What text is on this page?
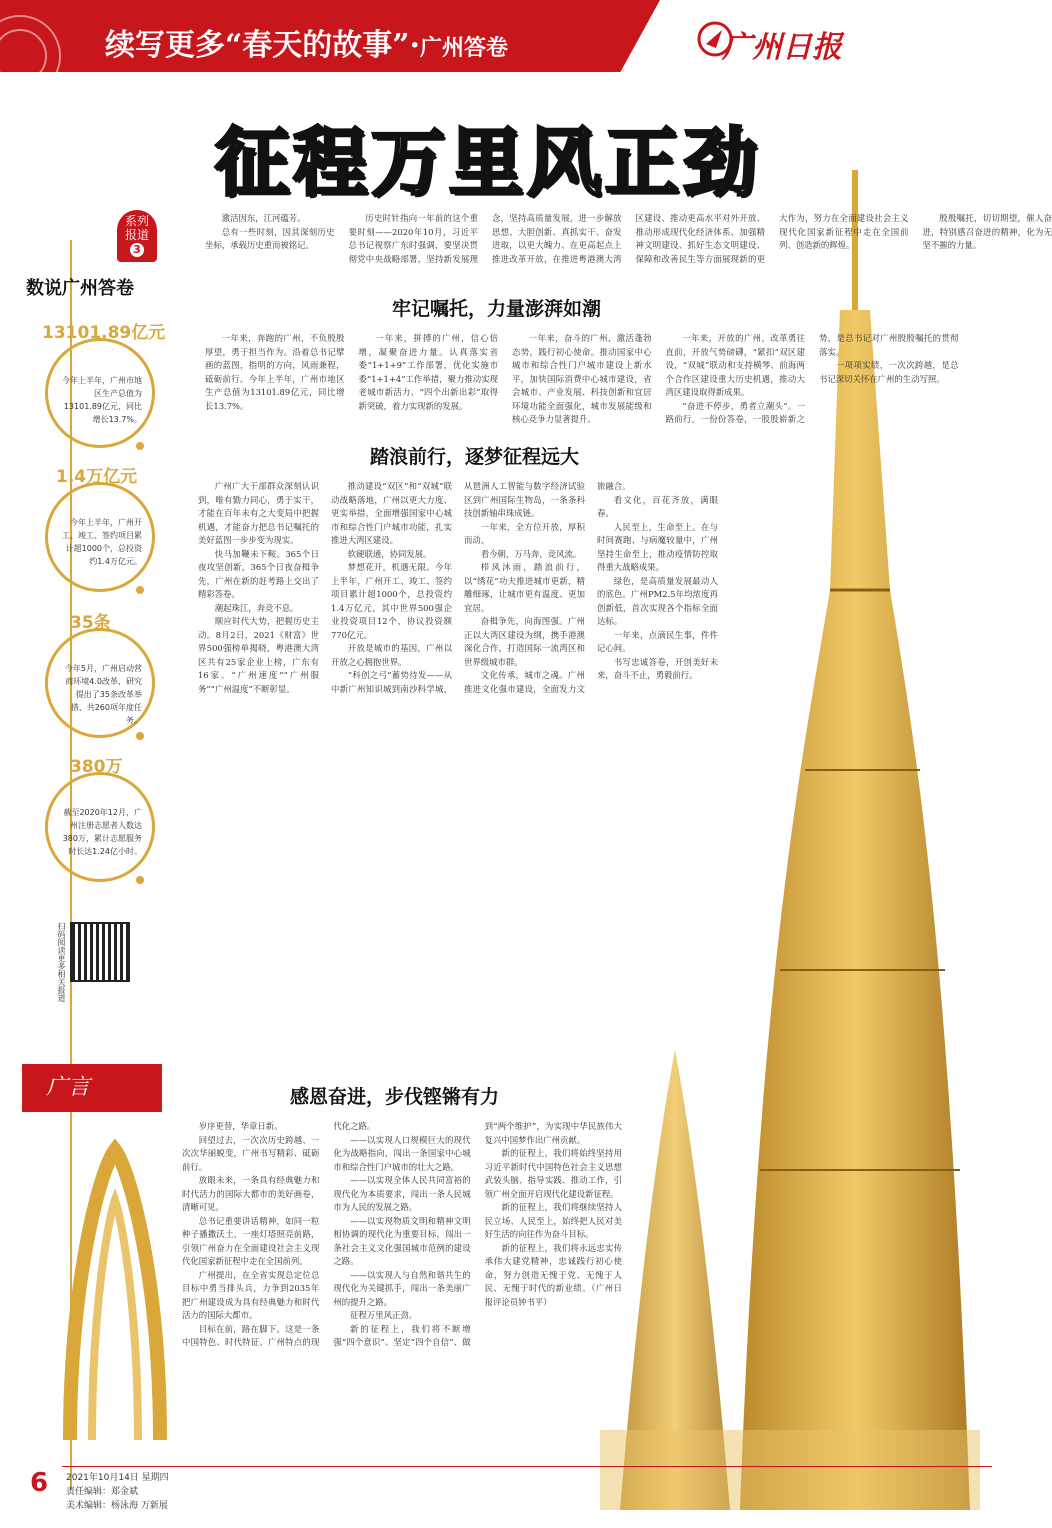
续写更多“春天的故事”·广州答卷	广州日报
征程万里风正劲
系列报道
3
数说广州答卷
13101.89亿元
今年上半年，广州市地区生产总值为13101.89亿元，同比增长13.7%。
1.4万亿元
今年上半年，广州开工、竣工、签约项目累计超1000个，总投资约1.4万亿元。
35条
今年5月，广州启动营商环境4.0改革，研究提出了35条改革举措、共260项年度任务。
380万
截至2020年12月，广州注册志愿者人数达380万，累计志愿服务时长达1.24亿小时。
扫码阅读更多相关报道
广言

激活因东，江河蕴芳。

总有一些时刻，因其深刻历史坐标，承载历史重而被铭记。

历史时针指向一年前的这个重要时刻——2020年10月，习近平总书记视察广东时强调，要坚决贯彻党中央战略部署，坚持新发展理念，坚持高质量发展，进一步解放思想、大胆创新、真抓实干、奋发进取，以更大魄力、在更高起点上推进改革开放，在推进粤港澳大湾区建设、推动更高水平对外开放、推动形成现代化经济体系、加强精神文明建设、抓好生态文明建设、保障和改善民生等方面展现新的更大作为，努力在全面建设社会主义现代化国家新征程中走在全国前列、创造新的辉煌。

殷殷嘱托，切切期望，催人奋进，特别感召奋进的精神，化为无坚不摧的力量。

牢记嘱托，力量澎湃如潮

一年来，奔跑的广州，不负殷殷厚望，勇于担当作为。沿着总书记擘画的蓝图，指明的方向，风雨兼程，砥砺前行。今年上半年，广州市地区生产总值为13101.89亿元，同比增长13.7%。

一年来，拼搏的广州，信心倍增，凝聚奋进力量。认真落实省委“1+1+9”工作部署，优化实施市委“1+1+4”工作举措，聚力推动实现老城市新活力、“四个出新出彩”取得新突破，着力实现新的发展。

一年来，奋斗的广州，激活蓬勃态势，践行初心使命。推动国家中心城市和综合性门户城市建设上新水平，加快国际消费中心城市建设，省会城市、产业发展、科技创新和宜居环境功能全面强化，城市发展能级和核心竞争力显著提升。

一年来，开放的广州，改革勇往直前，开放气势磅礴，“紧扣”双区建设，“双城”联动和支持横琴、前海两个合作区建设重大历史机遇，推动大湾区建设取得新成果。

“奋进不停步，勇者立潮头”。一路前行，一份份答卷，一股股崭新之势，是总书记对广州殷殷嘱托的贯彻落实。

一项项实绩，一次次跨越，是总书记深切关怀在广州的生动写照。

踏浪前行，逐梦征程远大

广州广大干部群众深刻认识到，唯有勠力同心，勇于实干，才能在百年未有之大变局中把握机遇，才能奋力把总书记嘱托的美好蓝图一步步变为现实。

快马加鞭未下鞍。365个日夜攻坚创新，365个日夜奋楫争先，广州在新的赶考路上交出了精彩答卷。

潮起珠江，奔竞不息。

顺应时代大势，把握历史主动。8月2日，2021《财富》世界500强榜单揭晓，粤港澳大湾区共有25家企业上榜，广东有16家。“广州速度”“广州服务”“广州温度”不断彰显。

推动建设“双区”和“双城”联动战略落地，广州以更大力度、更实举措，全面增强国家中心城市和综合性门户城市功能，扎实推进大湾区建设。

软硬联通，协同发展。

梦想花开，机遇无限。今年上半年，广州开工、竣工、签约项目累计超1000个，总投资约1.4万亿元，其中世界500强企业投资项目12个，协议投资额770亿元。

开放是城市的基因，广州以开放之心拥抱世界。

“科创之弓”蓄势待发——从中新广州知识城到南沙科学城，从琶洲人工智能与数字经济试验区到广州国际生物岛，一条条科技创新轴串珠成链。

一年来，全方位开放，厚积而动。

看今朝，万马奔，竞风流。

栉风沐雨，踏浪前行，以“绣花”功夫推进城市更新，精雕细琢，让城市更有温度、更加宜居。

奋楫争先，向海图强。广州正以大湾区建设为纲，携手港澳深化合作，打造国际一流湾区和世界级城市群。

文化传承，城市之魂。广州推进文化强市建设，全面发力文旅融合。

看文化，百花齐放，满眼春。

人民至上，生命至上。在与时间赛跑、与病魔较量中，广州坚持生命至上，推动疫情防控取得重大战略成果。

绿色，是高质量发展最动人的底色。广州PM2.5年均浓度再创新低，首次实现各个指标全面达标。

一年来，点滴民生事，件件记心间。

书写忠诚答卷，开创美好未来，奋斗不止，勇毅前行。

感恩奋进，步伐铿锵有力

岁序更替，华章日新。

回望过去，一次次历史跨越、一次次华丽蜕变，广州书写精彩、砥砺前行。

放眼未来，一条具有经典魅力和时代活力的国际大都市的美好画卷，清晰可见。

总书记重要讲话精神，如同一粒种子播撒沃土，一座灯塔照亮前路，引领广州奋力在全面建设社会主义现代化国家新征程中走在全国前列。

广州提出，在全省实现总定位总目标中勇当排头兵，力争到2035年把广州建设成为具有经典魅力和时代活力的国际大都市。

目标在前，路在脚下。这是一条中国特色、时代特征、广州特点的现代化之路。

——以实现人口规模巨大的现代化为战略指向，闯出一条国家中心城市和综合性门户城市的壮大之路。

——以实现全体人民共同富裕的现代化为本质要求，闯出一条人民城市为人民的发展之路。

——以实现物质文明和精神文明相协调的现代化为重要目标，闯出一条社会主义文化强国城市范例的建设之路。

——以实现人与自然和谐共生的现代化为关键抓手，闯出一条美丽广州的提升之路。

征程万里风正劲。

新的征程上，我们将不断增强“四个意识”、坚定“四个自信”、做到“两个维护”，为实现中华民族伟大复兴中国梦作出广州贡献。

新的征程上，我们将始终坚持用习近平新时代中国特色社会主义思想武装头脑、指导实践、推动工作，引领广州全面开启现代化建设新征程。

新的征程上，我们将继续坚持人民立场、人民至上，始终把人民对美好生活的向往作为奋斗目标。

新的征程上，我们将永远忠实传承伟大建党精神，忠诚践行初心使命，努力创造无愧于党、无愧于人民、无愧于时代的新业绩。（广州日报评论员钟书平）

6 2021年10月14日 星期四
责任编辑：郑金斌
美术编辑：杨泳海 万新展
